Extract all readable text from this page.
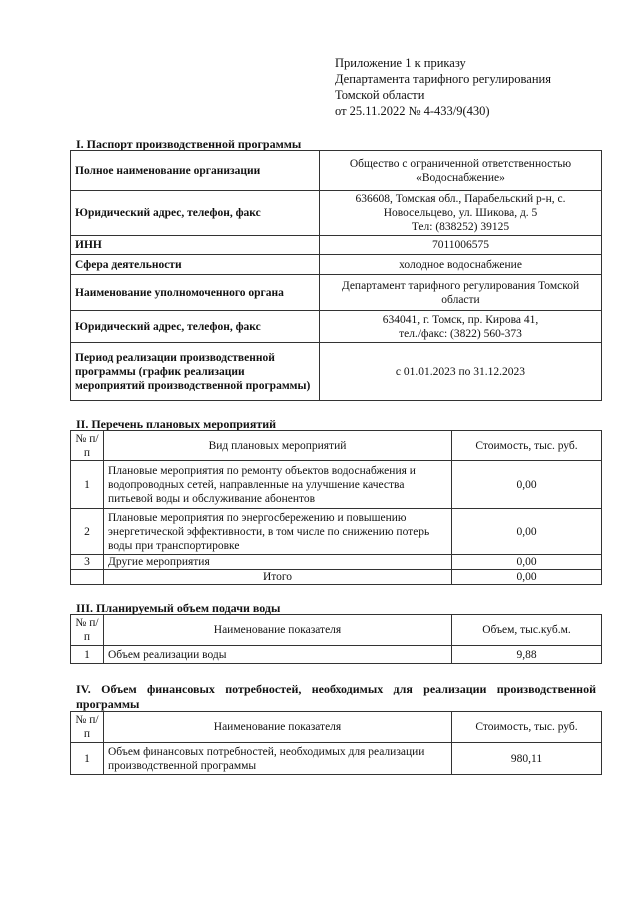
Приложение 1 к приказу
Департамента тарифного регулирования
Томской области
от 25.11.2022 № 4-433/9(430)
I. Паспорт производственной программы
Полное наименование организации	Общество с ограниченной ответственностью «Водоснабжение»
Юридический адрес, телефон, факс	636608, Томская обл., Парабельский р-н, с.
Новосельцево, ул. Шикова, д. 5
Тел: (838252) 39125

ИНН	7011006575
Сфера деятельности	холодное водоснабжение
Наименование уполномоченного органа	Департамент тарифного регулирования Томской области
Юридический адрес, телефон, факс	634041, г. Томск, пр. Кирова 41,
тел./факс: (3822) 560-373

Период реализации производственной программы (график реализации мероприятий производственной программы)	с 01.01.2023 по 31.12.2023
II. Перечень плановых мероприятий
№ п/п	Вид плановых мероприятий	Стоимость, тыс. руб.
1	Плановые мероприятия по ремонту объектов водоснабжения и водопроводных сетей, направленные на улучшение качества питьевой воды и обслуживание абонентов	0,00
2	Плановые мероприятия по энергосбережению и повышению энергетической эффективности, в том числе по снижению потерь воды при транспортировке	0,00
3	Другие мероприятия	0,00
	Итого	0,00
III. Планируемый объем подачи воды
№ п/п	Наименование показателя	Объем, тыс.куб.м.
1	Объем реализации воды	9,88
IV. Объем финансовых потребностей, необходимых для реализации производственной программы
№ п/п	Наименование показателя	Стоимость, тыс. руб.
1	Объем финансовых потребностей, необходимых для реализации производственной программы	980,11
